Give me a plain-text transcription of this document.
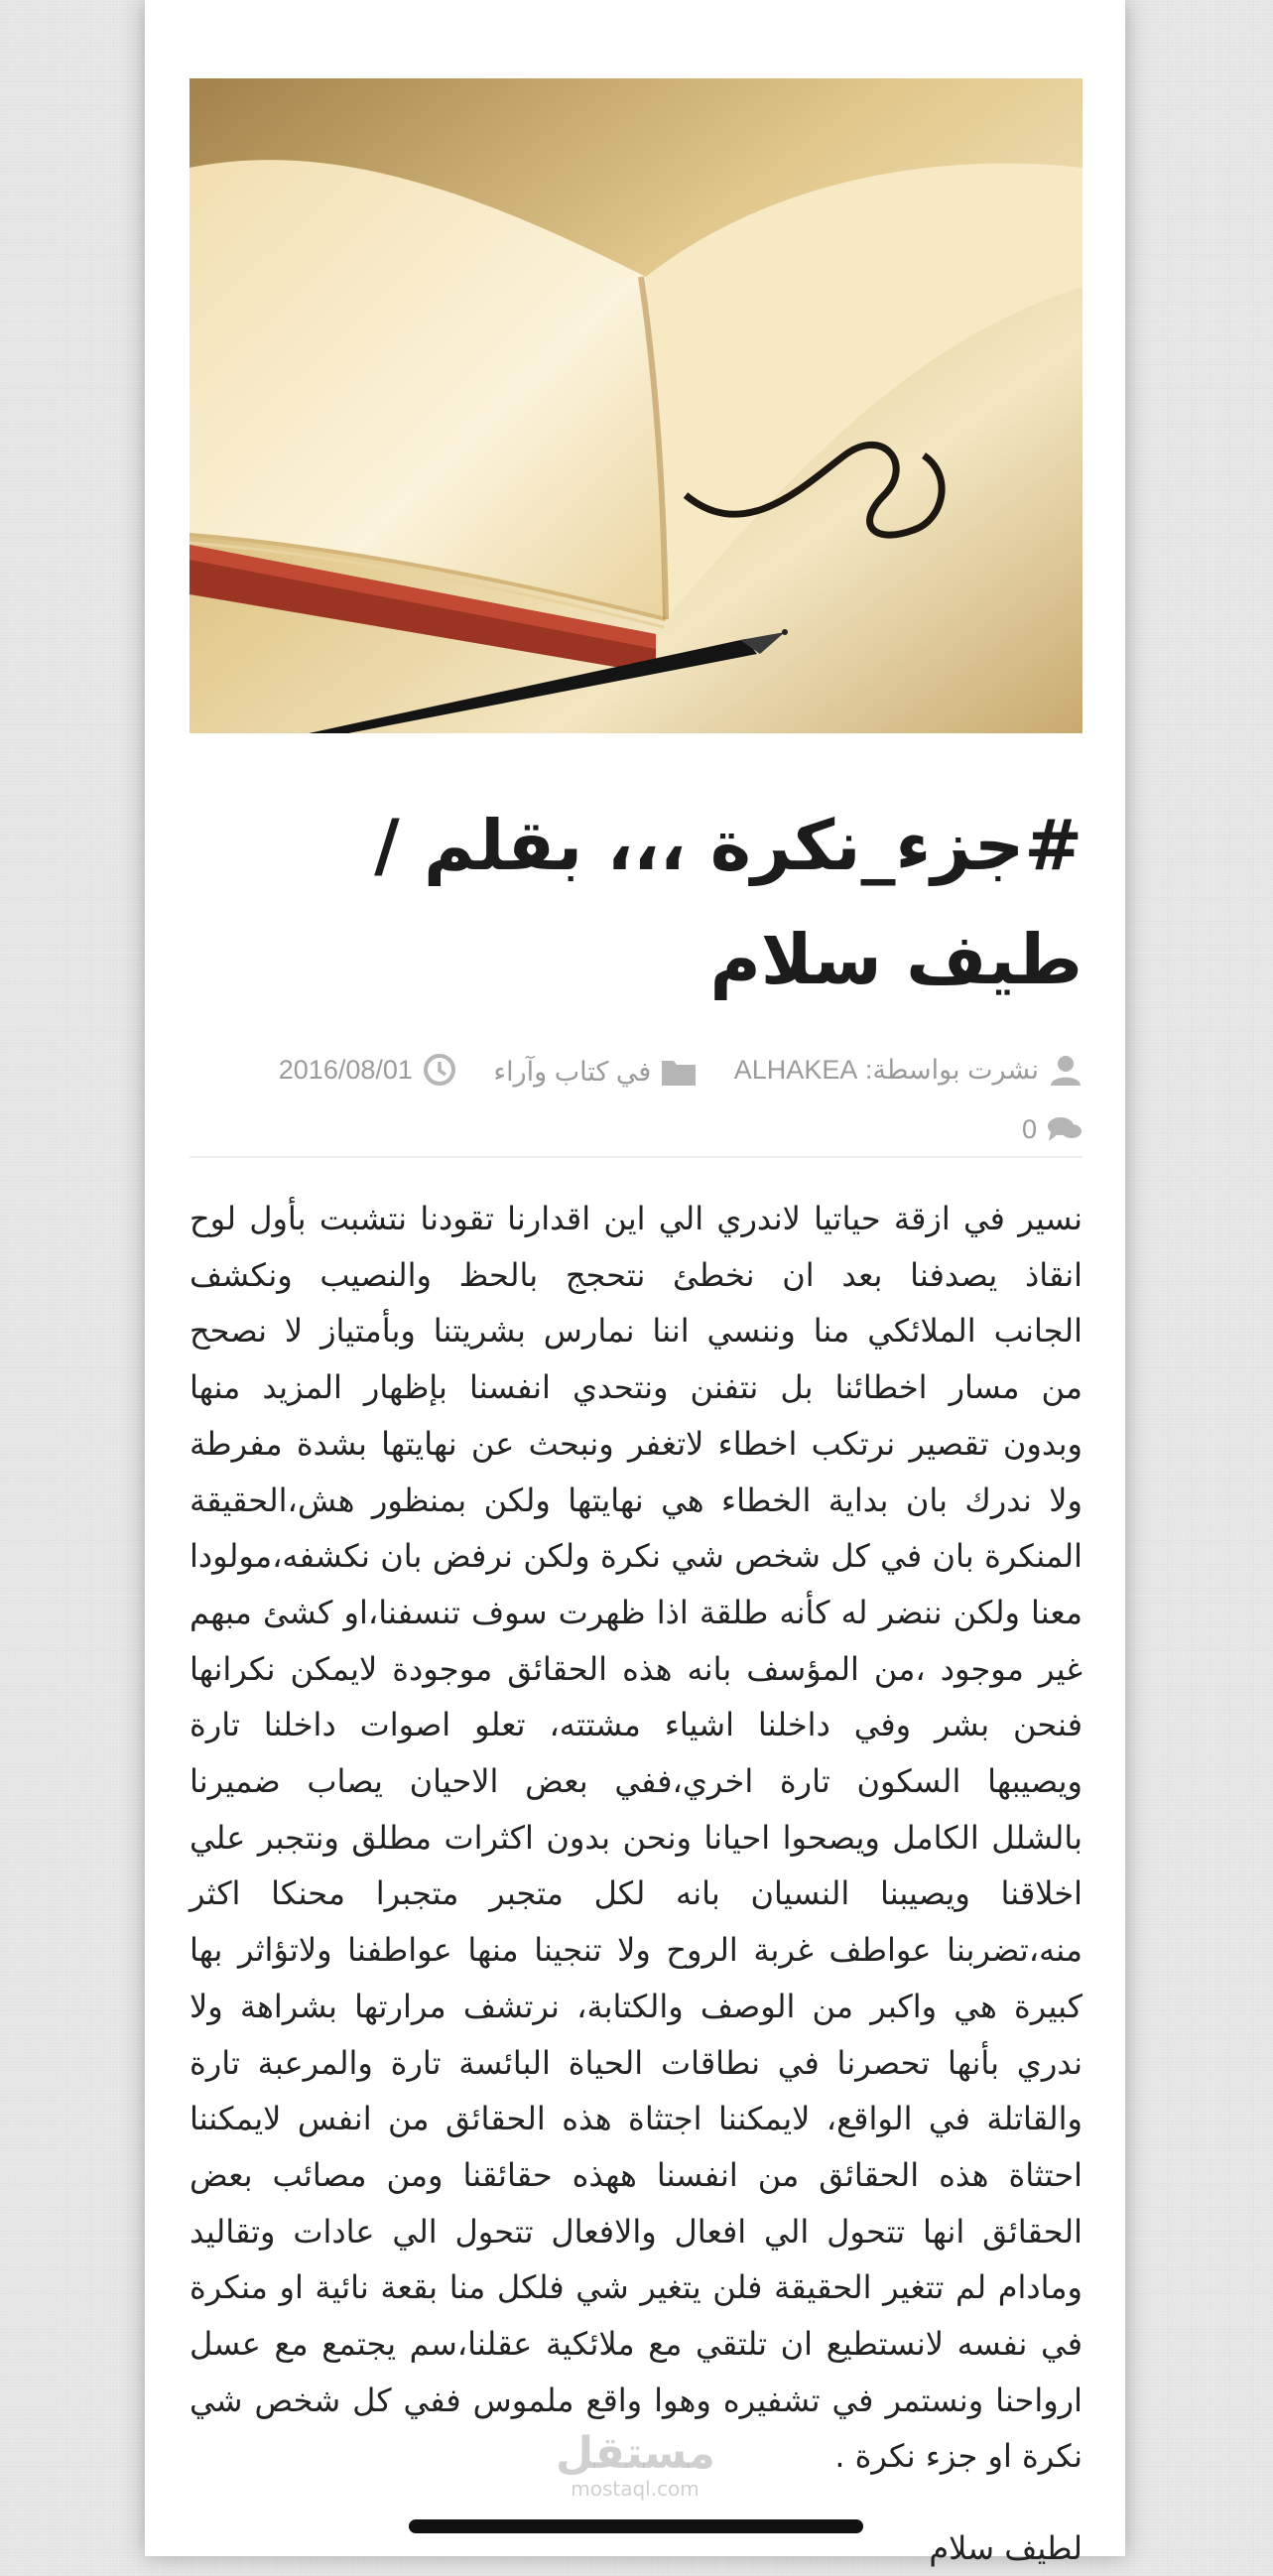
#جزء_نكرة ،،، بقلم /
طيف سلام
نشرت بواسطة:

ALHAKEA

في كتاب وآراء

2016/08/01

0
نسير في ازقة حياتيا لاندري الي اين اقدارنا تقودنا نتشبت بأول لوح
انقاذ يصدفنا بعد ان نخطئ نتحجج بالحظ والنصيب ونكشف
الجانب الملائكي منا وننسي اننا نمارس بشريتنا وبأمتياز لا نصحح
من مسار اخطائنا بل نتفنن ونتحدي انفسنا بإظهار المزيد منها
وبدون تقصير نرتكب اخطاء لاتغفر ونبحث عن نهايتها بشدة مفرطة
ولا ندرك بان بداية الخطاء هي نهايتها ولكن بمنظور هش،الحقيقة
المنكرة بان في كل شخص شي نكرة ولكن نرفض بان نكشفه،مولودا
معنا ولكن ننضر له كأنه طلقة اذا ظهرت سوف تنسفنا،او كشئ مبهم
غير موجود ،من المؤسف بانه هذه الحقائق موجودة لايمكن نكرانها
فنحن بشر وفي داخلنا اشياء مشتته، تعلو اصوات داخلنا تارة
ويصيبها السكون تارة اخري،ففي بعض الاحيان يصاب ضميرنا
بالشلل الكامل ويصحوا احيانا ونحن بدون اكثرات مطلق ونتجبر علي
اخلاقنا ويصيبنا النسيان بانه لكل متجبر متجبرا محنكا اكثر
منه،تضربنا عواطف غربة الروح ولا تنجينا منها عواطفنا ولاتؤاثر بها
كبيرة هي واكبر من الوصف والكتابة، نرتشف مرارتها بشراهة ولا
ندري بأنها تحصرنا في نطاقات الحياة البائسة تارة والمرعبة تارة
والقاتلة في الواقع، لايمكننا اجتثاة هذه الحقائق من انفس لايمكننا
احتثاة هذه الحقائق من انفسنا ههذه حقائقنا ومن مصائب بعض
الحقائق انها تتحول الي افعال والافعال تتحول الي عادات وتقاليد
ومادام لم تتغير الحقيقة فلن يتغير شي فلكل منا بقعة نائية او منكرة
في نفسه لانستطيع ان تلتقي مع ملائكية عقلنا،سم يجتمع مع عسل
ارواحنا ونستمر في تشفيره وهوا واقع ملموس ففي كل شخص شي
نكرة او جزء نكرة .
لطيف سلام
مستقل
mostaql.com
